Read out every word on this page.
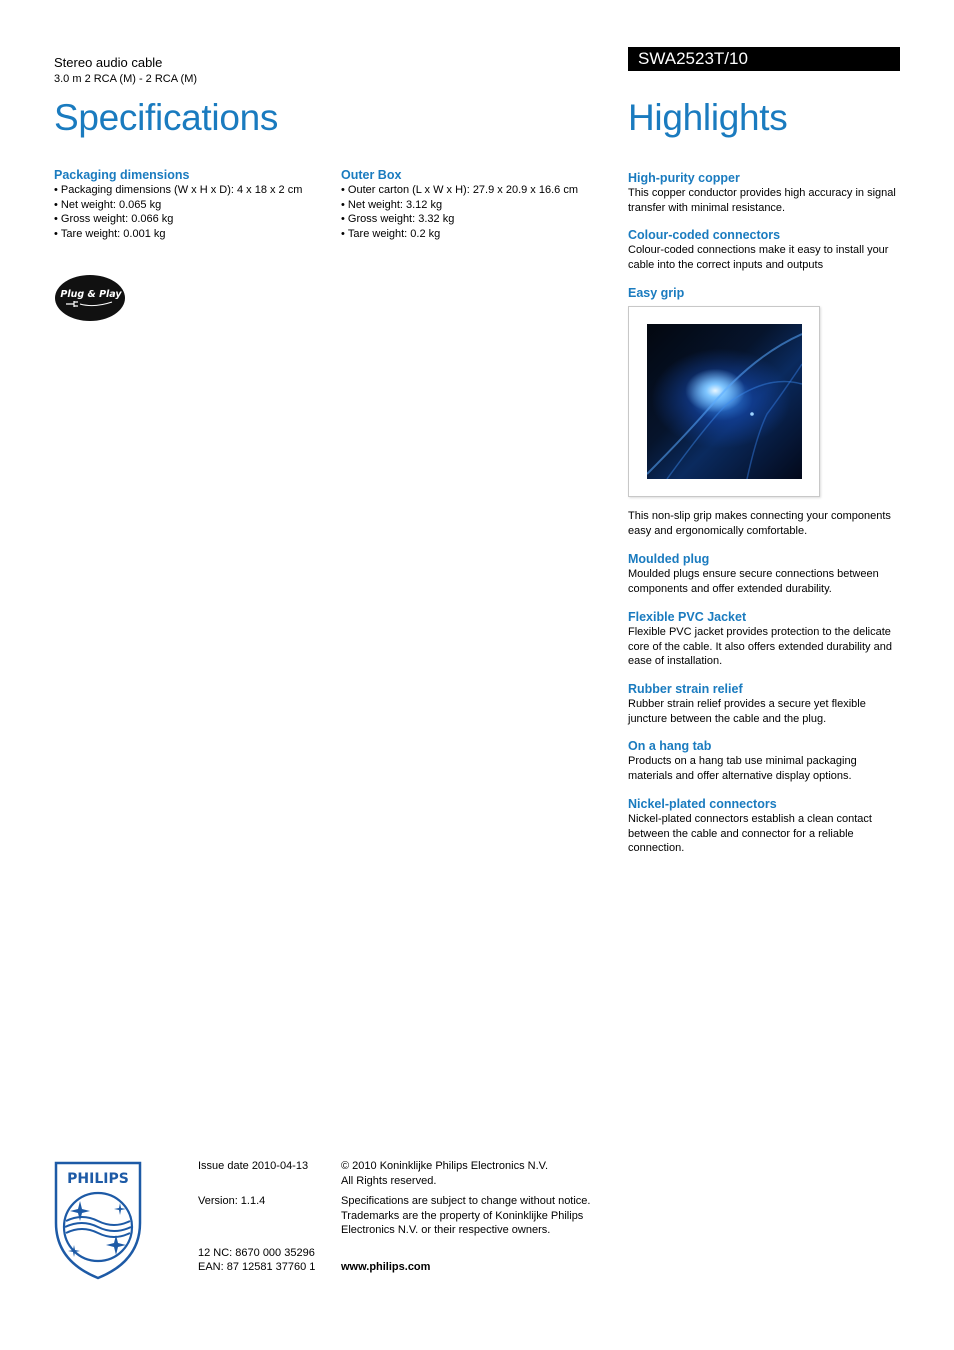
Stereo audio cable
3.0 m 2 RCA (M) - 2 RCA (M)
SWA2523T/10
Specifications	Highlights
Packaging dimensions
• Packaging dimensions (W x H x D): 4 x 18 x 2 cm
• Net weight: 0.065 kg
• Gross weight: 0.066 kg
• Tare weight: 0.001 kg
Outer Box
• Outer carton (L x W x H): 27.9 x 20.9 x 16.6 cm
• Net weight: 3.12 kg
• Gross weight: 3.32 kg
• Tare weight: 0.2 kg
Plug & Play
High-purity copper
This copper conductor provides high accuracy in signal transfer with minimal resistance.
Colour-coded connectors
Colour-coded connections make it easy to install your cable into the correct inputs and outputs
Easy grip
This non-slip grip makes connecting your components easy and ergonomically comfortable.
Moulded plug
Moulded plugs ensure secure connections between components and offer extended durability.
Flexible PVC Jacket
Flexible PVC jacket provides protection to the delicate core of the cable. It also offers extended durability and ease of installation.
Rubber strain relief
Rubber strain relief provides a secure yet flexible juncture between the cable and the plug.
On a hang tab
Products on a hang tab use minimal packaging materials and offer alternative display options.
Nickel-plated connectors
Nickel-plated connectors establish a clean contact between the cable and connector for a reliable connection.
PHILIPS
Issue date 2010-04-13
Version: 1.1.4
12 NC: 8670 000 35296
EAN: 87 12581 37760 1
© 2010 Koninklijke Philips Electronics N.V.
All Rights reserved.
Specifications are subject to change without notice.
Trademarks are the property of Koninklijke Philips
Electronics N.V. or their respective owners.
www.philips.com
